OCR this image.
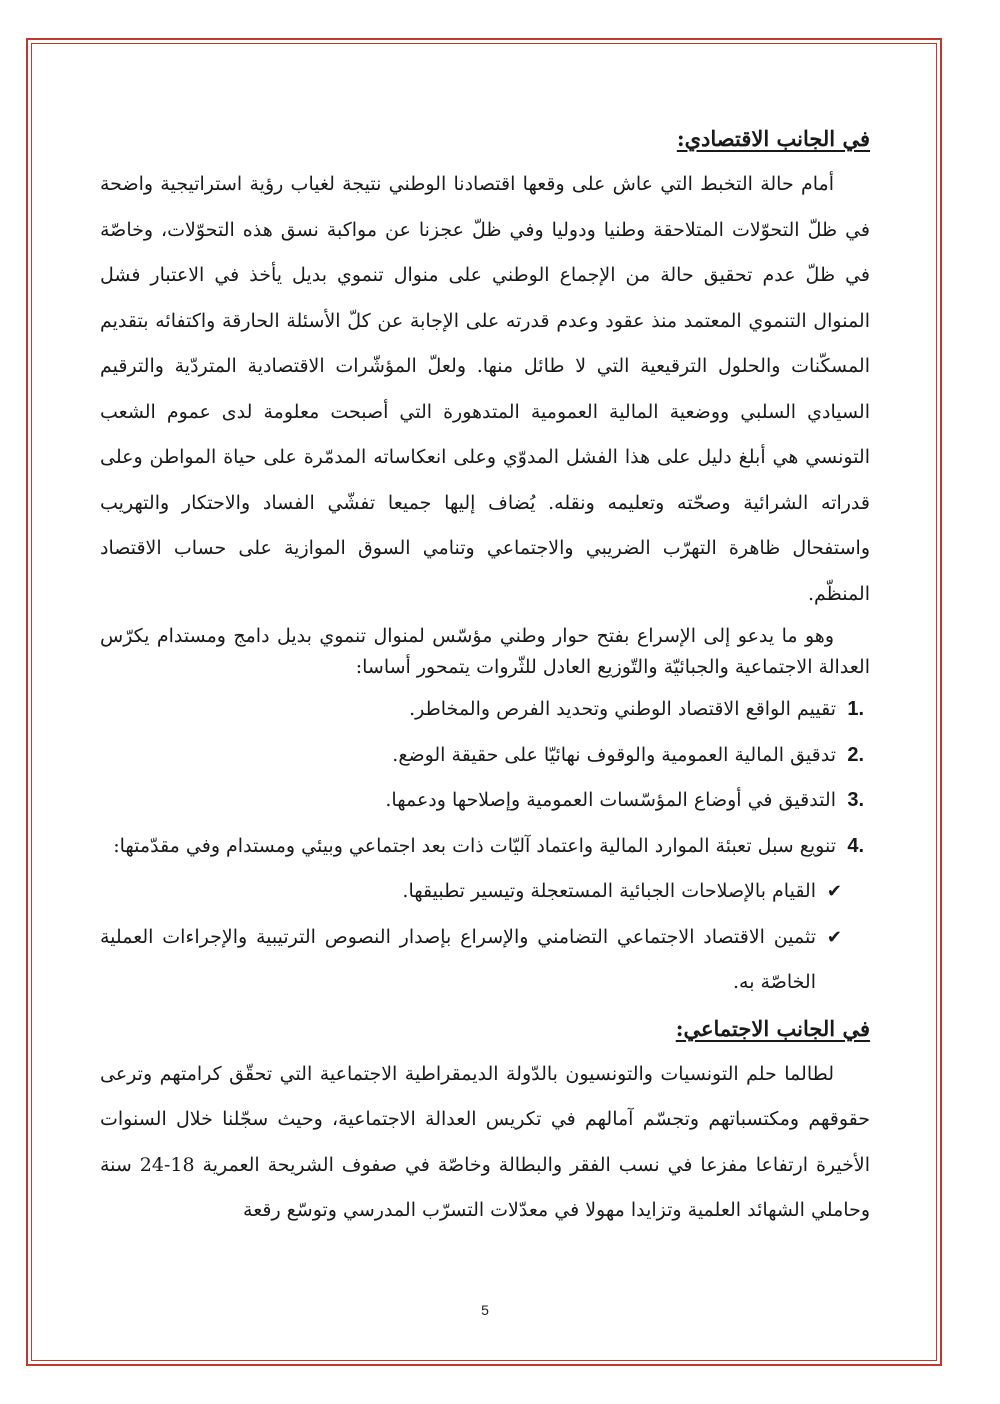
في الجانب الاقتصادي:

أمام حالة التخبط التي عاش على وقعها اقتصادنا الوطني نتيجة لغياب رؤية استراتيجية واضحة في ظلّ التحوّلات المتلاحقة وطنيا ودوليا وفي ظلّ عجزنا عن مواكبة نسق هذه التحوّلات، وخاصّة في ظلّ عدم تحقيق حالة من الإجماع الوطني على منوال تنموي بديل يأخذ في الاعتبار فشل المنوال التنموي المعتمد منذ عقود وعدم قدرته على الإجابة عن كلّ الأسئلة الحارقة واكتفائه بتقديم المسكّنات والحلول الترقيعية التي لا طائل منها. ولعلّ المؤشّرات الاقتصادية المتردّية والترقيم السيادي السلبي ووضعية المالية العمومية المتدهورة التي أصبحت معلومة لدى عموم الشعب التونسي هي أبلغ دليل على هذا الفشل المدوّي وعلى انعكاساته المدمّرة على حياة المواطن وعلى قدراته الشرائية وصحّته وتعليمه ونقله. يُضاف إليها جميعا تفشّي الفساد والاحتكار والتهريب واستفحال ظاهرة التهرّب الضريبي والاجتماعي وتنامي السوق الموازية على حساب الاقتصاد المنظّم.

وهو ما يدعو إلى الإسراع بفتح حوار وطني مؤسّس لمنوال تنموي بديل دامج ومستدام يكرّس العدالة الاجتماعية والجبائيّة والتّوزيع العادل للثّروات يتمحور أساسا:

.1
تقييم الواقع الاقتصاد الوطني وتحديد الفرص والمخاطر.
.2
تدقيق المالية العمومية والوقوف نهائيّا على حقيقة الوضع.
.3
التدقيق في أوضاع المؤسّسات العمومية وإصلاحها ودعمها.
.4
تنويع سبل تعبئة الموارد المالية واعتماد آليّات ذات بعد اجتماعي وبيئي ومستدام وفي مقدّمتها:
✔
القيام بالإصلاحات الجبائية المستعجلة وتيسير تطبيقها.
✔
تثمين الاقتصاد الاجتماعي التضامني والإسراع بإصدار النصوص الترتيبية والإجراءات العملية الخاصّة به.
في الجانب الاجتماعي:

لطالما حلم التونسيات والتونسيون بالدّولة الديمقراطية الاجتماعية التي تحقّق كرامتهم وترعى حقوقهم ومكتسباتهم وتجسّم آمالهم في تكريس العدالة الاجتماعية، وحيث سجّلنا خلال السنوات الأخيرة ارتفاعا مفزعا في نسب الفقر والبطالة وخاصّة في صفوف الشريحة العمرية 18-24 سنة وحاملي الشهائد العلمية وتزايدا مهولا في معدّلات التسرّب المدرسي وتوسّع رقعة

5
